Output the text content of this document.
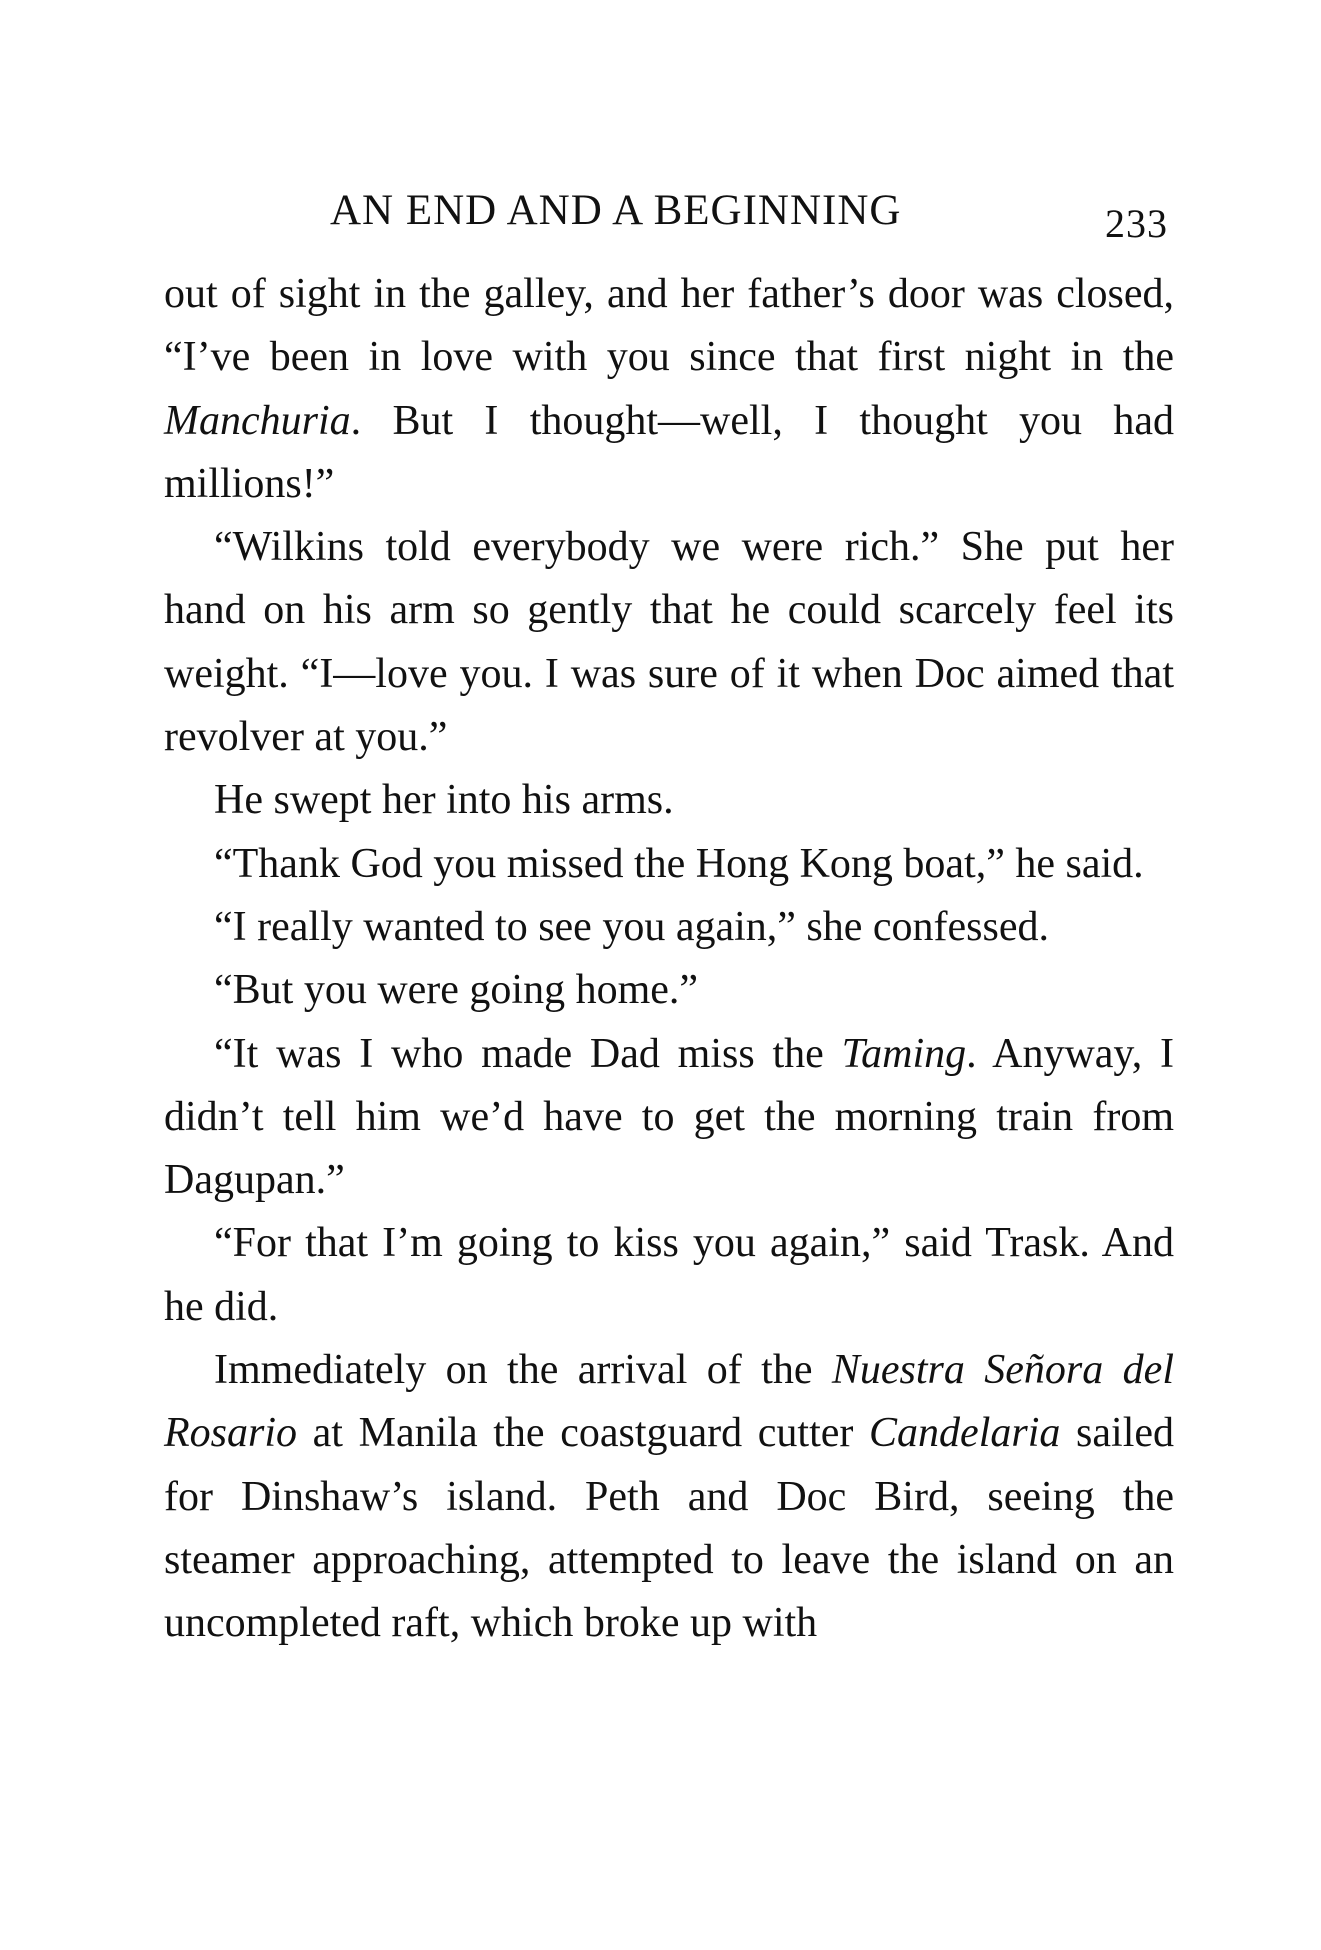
AN END AND A BEGINNING	233

out of sight in the galley, and her father’s door was closed, “I’ve been in love with you since that first night in the Manchuria. But I thought—well, I thought you had millions!”

“Wilkins told everybody we were rich.” She put her hand on his arm so gently that he could scarcely feel its weight. “I—love you. I was sure of it when Doc aimed that revolver at you.”

He swept her into his arms.

“Thank God you missed the Hong Kong boat,” he said.

“I really wanted to see you again,” she confessed.

“But you were going home.”

“It was I who made Dad miss the Taming. Anyway, I didn’t tell him we’d have to get the morning train from Dagupan.”

“For that I’m going to kiss you again,” said Trask. And he did.

Immediately on the arrival of the Nuestra Señora del Rosario at Manila the coastguard cutter Candelaria sailed for Dinshaw’s island. Peth and Doc Bird, seeing the steamer approaching, attempted to leave the island on an uncompleted raft, which broke up with
